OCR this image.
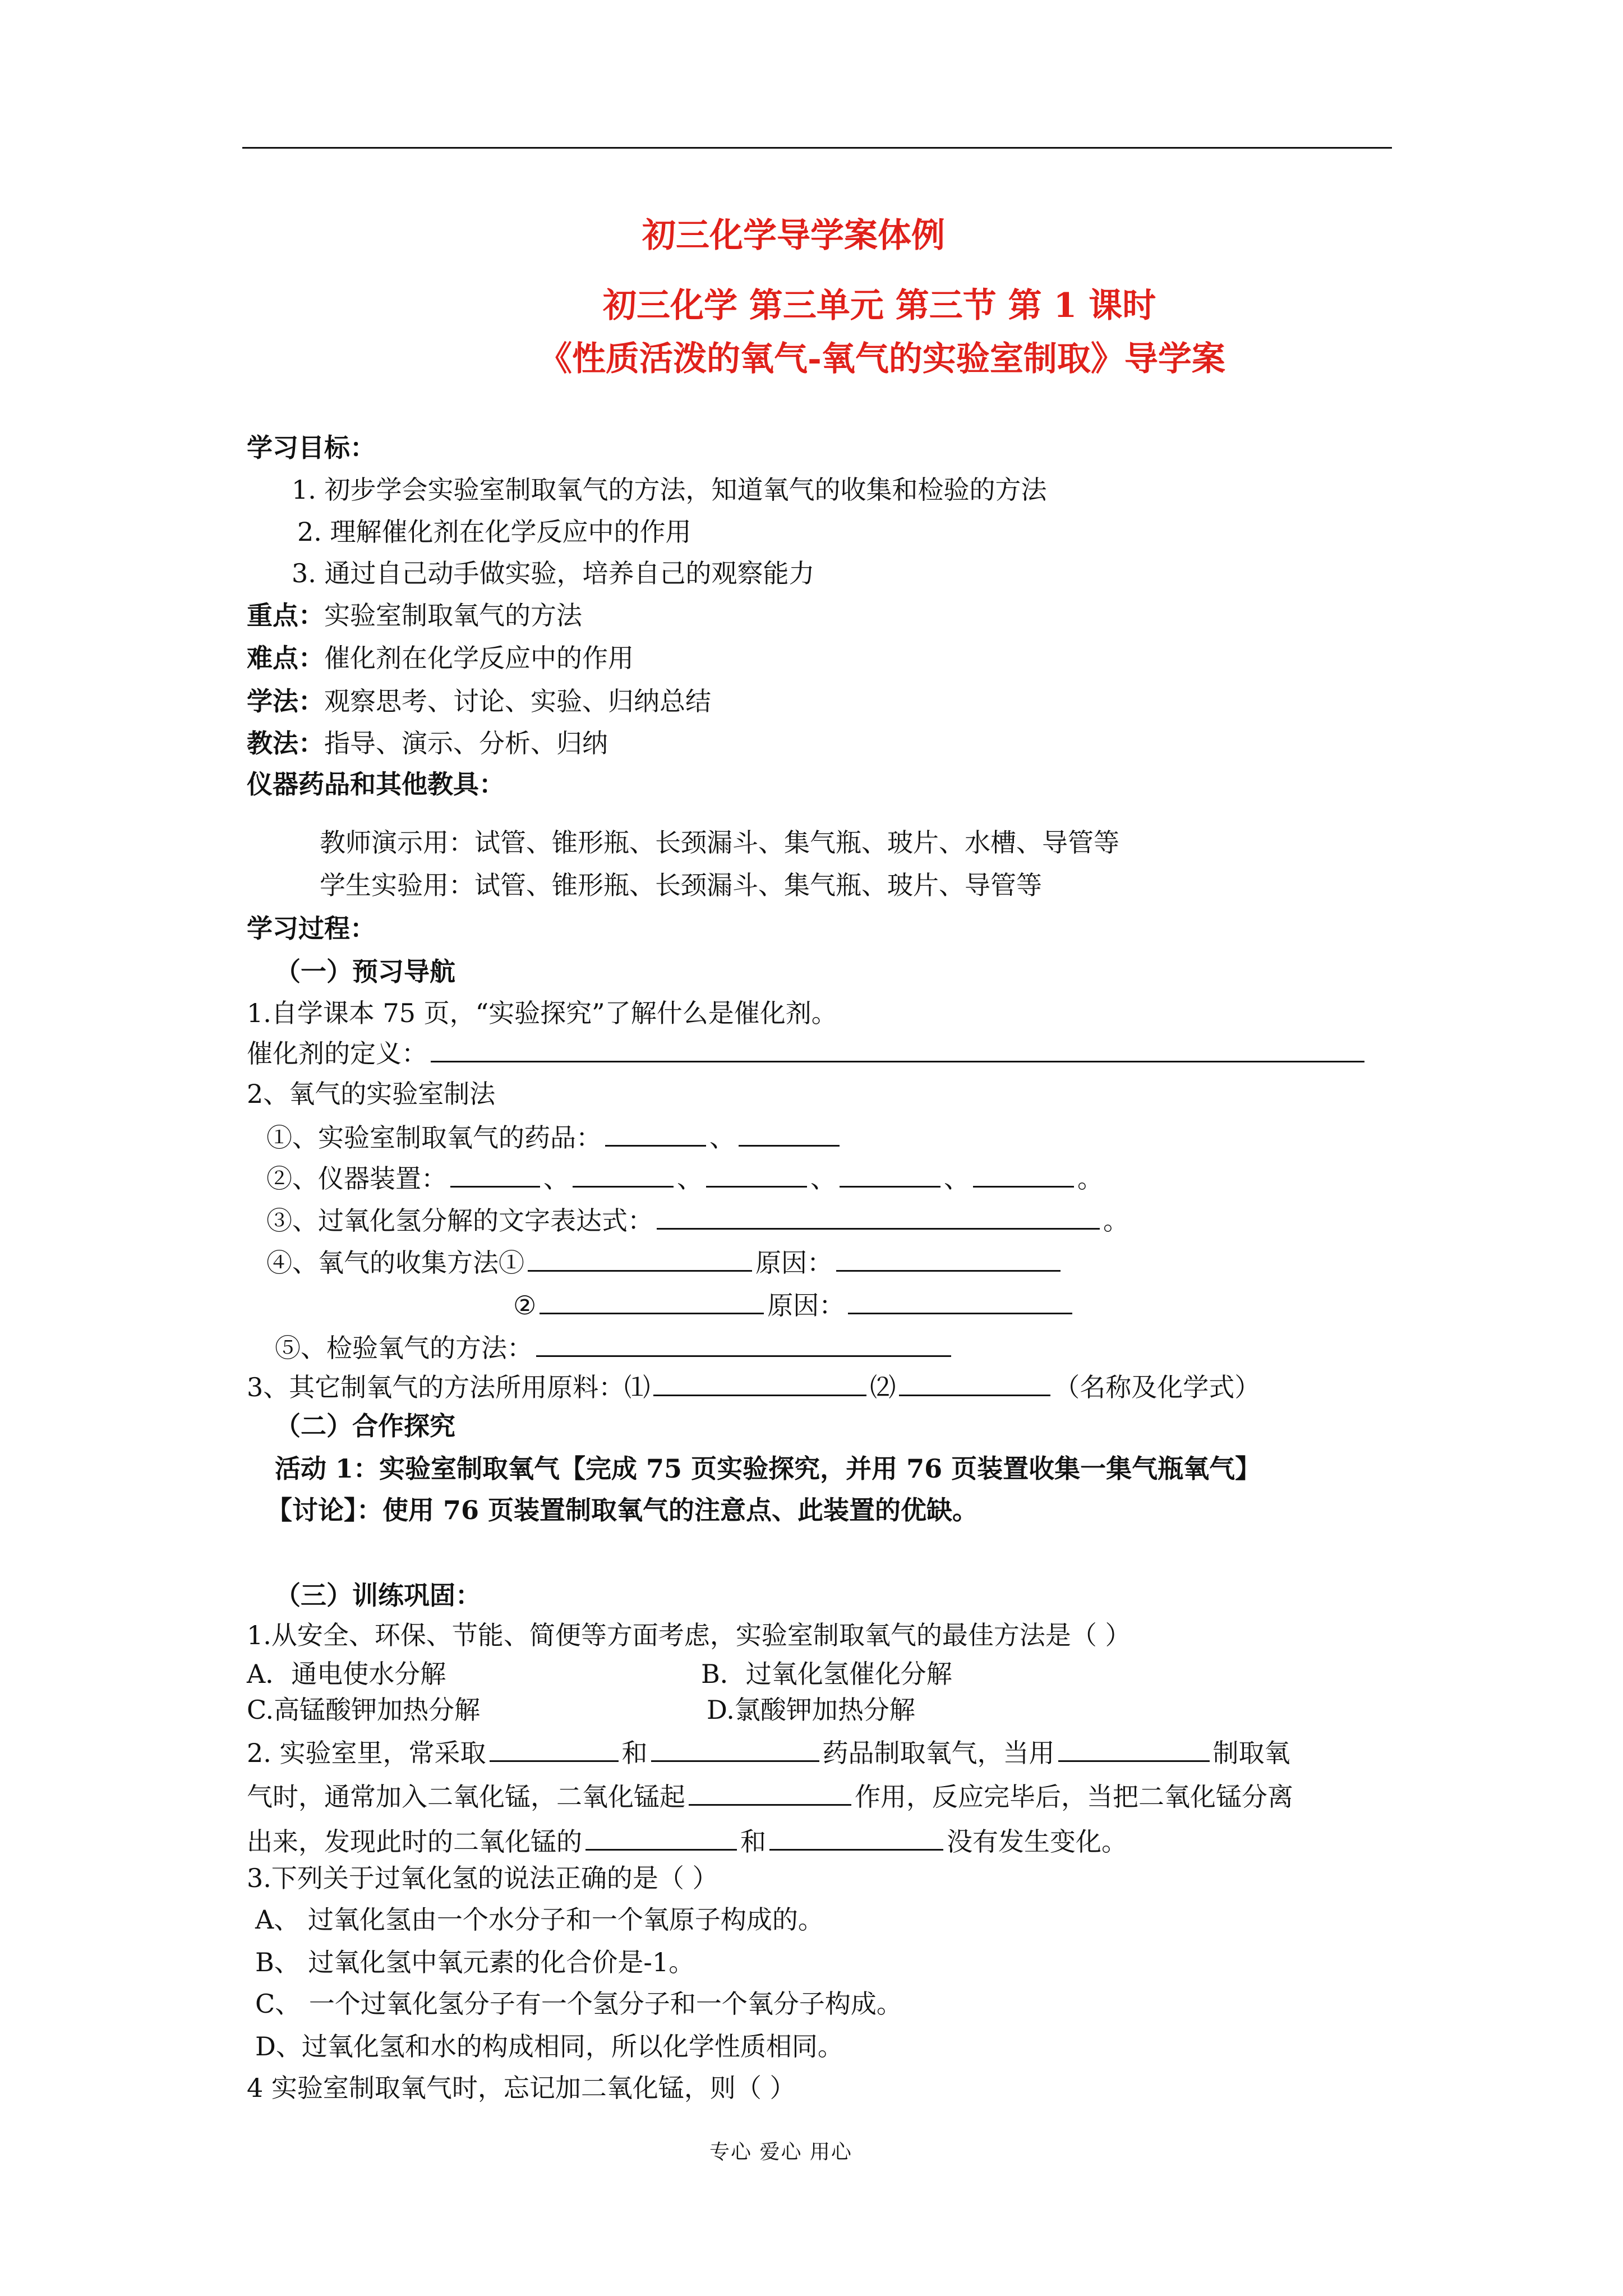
初三化学导学案体例
初三化学 第三单元 第三节 第 1 课时
《性质活泼的氧气-氧气的实验室制取》导学案
学习目标：
1. 初步学会实验室制取氧气的方法，知道氧气的收集和检验的方法
2. 理解催化剂在化学反应中的作用
3. 通过自己动手做实验，培养自己的观察能力
重点：实验室制取氧气的方法
难点：催化剂在化学反应中的作用
学法：观察思考、讨论、实验、归纳总结
教法：指导、演示、分析、归纳
仪器药品和其他教具：
教师演示用：试管、锥形瓶、长颈漏斗、集气瓶、玻片、水槽、导管等
学生实验用：试管、锥形瓶、长颈漏斗、集气瓶、玻片、导管等
学习过程：
（一）预习导航
1.自学课本 75 页，“实验探究”了解什么是催化剂。
催化剂的定义：
2、氧气的实验室制法
①、实验室制取氧气的药品：	、
②、仪器装置：	、	、	、	、	。
③、过氧化氢分解的文字表达式：	。
④、氧气的收集方法①	原因：
②	原因：
⑤、检验氧气的方法：
3、其它制氧气的方法所用原料：⑴	⑵	（名称及化学式）
（二）合作探究
活动 1：实验室制取氧气【完成 75 页实验探究，并用 76 页装置收集一集气瓶氧气】
【讨论】：使用 76 页装置制取氧气的注意点、此装置的优缺。
（三）训练巩固：
1.从安全、环保、节能、简便等方面考虑，实验室制取氧气的最佳方法是（ ）
A．通电使水分解	B．过氧化氢催化分解
C.高锰酸钾加热分解	D.氯酸钾加热分解
2. 实验室里，常采取	和	药品制取氧气，当用	制取氧
气时，通常加入二氧化锰，二氧化锰起	作用，反应完毕后，当把二氧化锰分离
出来，发现此时的二氧化锰的	和	没有发生变化。
3.下列关于过氧化氢的说法正确的是（ ）
A、 过氧化氢由一个水分子和一个氧原子构成的。
B、 过氧化氢中氧元素的化合价是-1。
C、 一个过氧化氢分子有一个氢分子和一个氧分子构成。
D、过氧化氢和水的构成相同，所以化学性质相同。
4 实验室制取氧气时，忘记加二氧化锰，则（ ）
专心 爱心 用心
